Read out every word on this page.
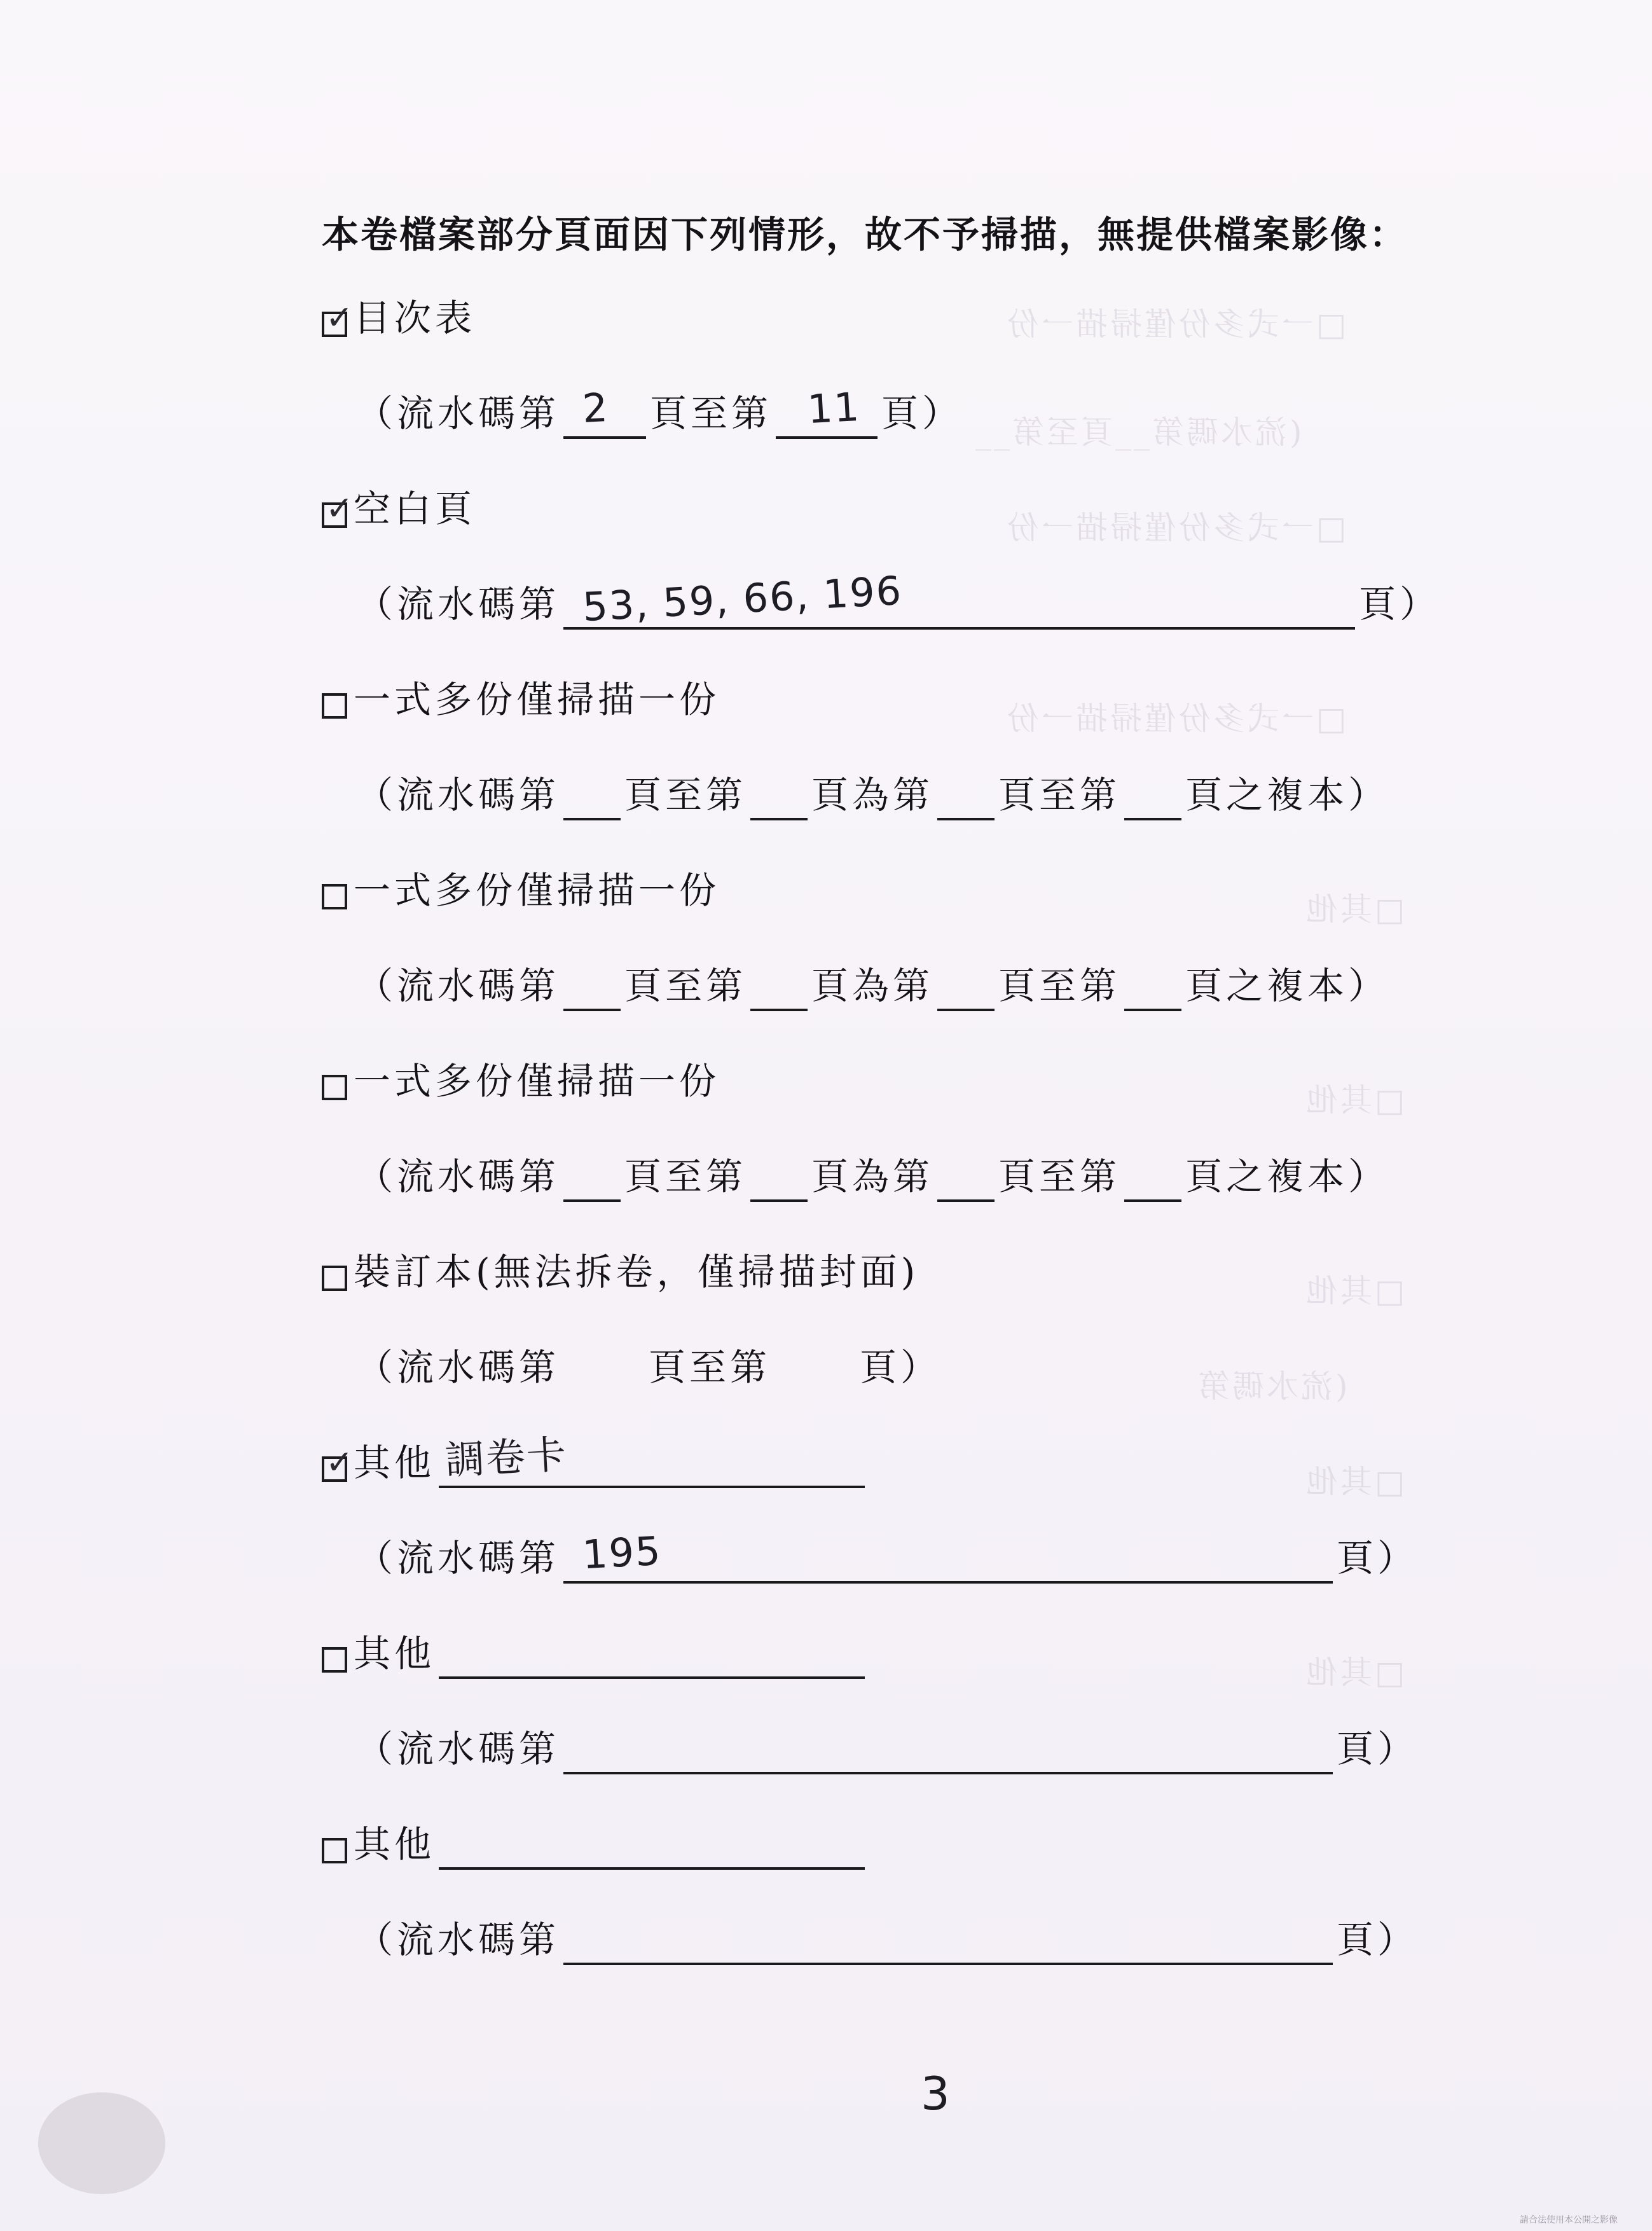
□一式多份僅掃描一份
(流水碼第__頁至第__
□一式多份僅掃描一份
□一式多份僅掃描一份
□其他
□其他
□其他
(流水碼第
□其他
□其他
本卷檔案部分頁面因下列情形，故不予掃描，無提供檔案影像：
✓ 目次表
（流水碼第 2 頁至第 11 頁）
✓ 空白頁
（流水碼第 53, 59, 66, 196	頁）
一式多份僅掃描一份
（流水碼第 頁至第 頁為第 頁至第 頁之複本）
一式多份僅掃描一份
（流水碼第 頁至第 頁為第 頁至第 頁之複本）
一式多份僅掃描一份
（流水碼第 頁至第 頁為第 頁至第 頁之複本）
裝訂本(無法拆卷，僅掃描封面)
（流水碼第 頁至第 頁）
✓ 其他 調卷卡
（流水碼第 195	頁）
其他
（流水碼第	頁）
其他
（流水碼第	頁）
3
請合法使用本公開之影像
